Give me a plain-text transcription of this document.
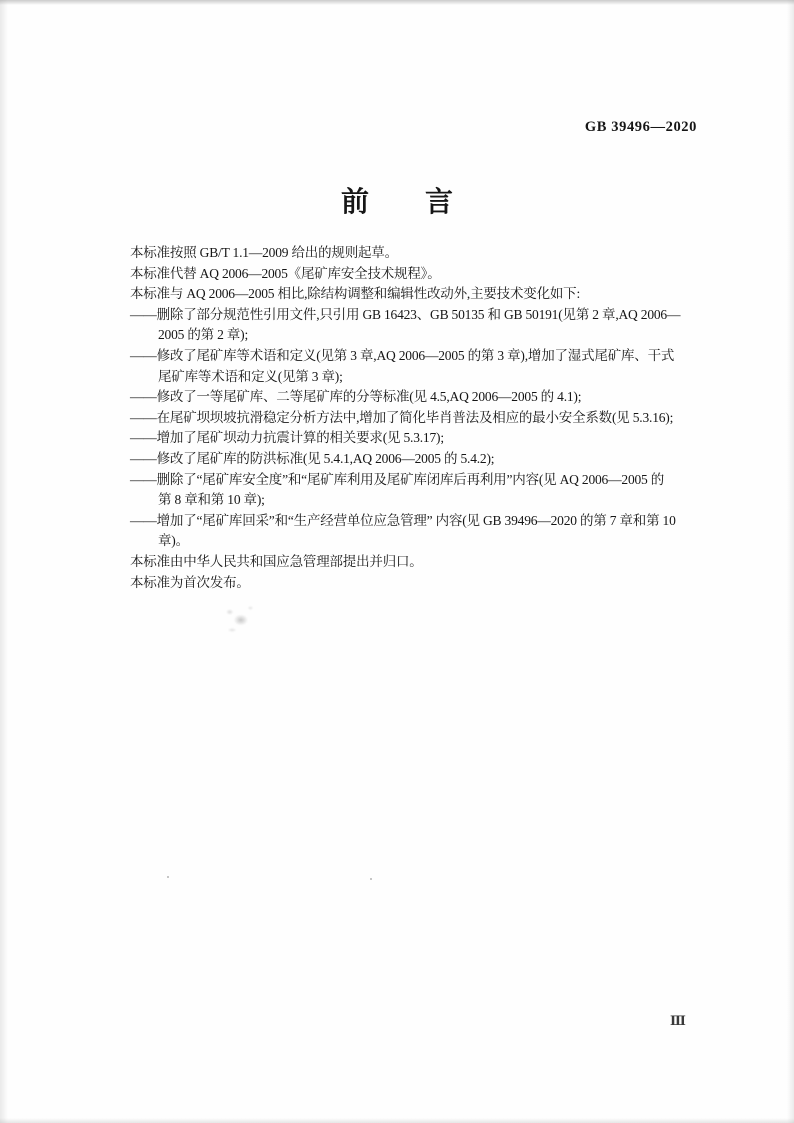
GB 39496—2020
前　　言

本标准按照 GB/T 1.1—2009 给出的规则起草。

本标准代替 AQ 2006—2005《尾矿库安全技术规程》。

本标准与 AQ 2006—2005 相比,除结构调整和编辑性改动外,主要技术变化如下:

——删除了部分规范性引用文件,只引用 GB 16423、GB 50135 和 GB 50191(见第 2 章,AQ 2006—

2005 的第 2 章);

——修改了尾矿库等术语和定义(见第 3 章,AQ 2006—2005 的第 3 章),增加了湿式尾矿库、干式

尾矿库等术语和定义(见第 3 章);

——修改了一等尾矿库、二等尾矿库的分等标准(见 4.5,AQ 2006—2005 的 4.1);

——在尾矿坝坝坡抗滑稳定分析方法中,增加了简化毕肖普法及相应的最小安全系数(见 5.3.16);

——增加了尾矿坝动力抗震计算的相关要求(见 5.3.17);

——修改了尾矿库的防洪标准(见 5.4.1,AQ 2006—2005 的 5.4.2);

——删除了“尾矿库安全度”和“尾矿库利用及尾矿库闭库后再利用”内容(见 AQ 2006—2005 的

第 8 章和第 10 章);

——增加了“尾矿库回采”和“生产经营单位应急管理” 内容(见 GB 39496—2020 的第 7 章和第 10

章)。

本标准由中华人民共和国应急管理部提出并归口。

本标准为首次发布。

Ⅲ
